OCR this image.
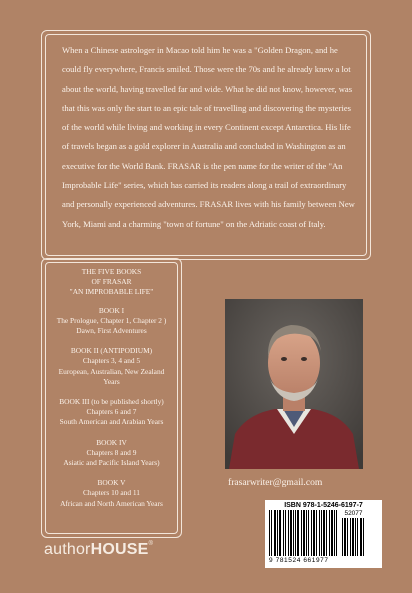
When a Chinese astrologer in Macao told him he was a "Golden Dragon, and he could fly everywhere, Francis smiled. Those were the 70s and he already knew a lot about the world, having travelled far and wide. What he did not know, however, was that this was only the start to an epic tale of travelling and discovering the mysteries of the world while living and working in every Continent except Antarctica. His life of travels began as a gold explorer in Australia and concluded in Washington as an executive for the World Bank. FRASAR is the pen name for the writer of the "An Improbable Life" series, which has carried its readers along a trail of extraordinary and personally experienced adventures. FRASAR lives with his family between New York, Miami and a charming "town of fortune" on the Adriatic coast of Italy.

THE FIVE BOOKS
OF FRASAR
"AN IMPROBABLE LIFE"
BOOK I
The Prologue, Chapter 1, Chapter 2 )
Dawn, First Adventures
BOOK II (ANTIPODIUM)
Chapters 3, 4 and 5
European, Australian, New Zealand
Years
BOOK III (to be published shortly)
Chapters 6 and 7
South American and Arabian Years
BOOK IV
Chapters 8 and 9
Asiatic and Pacific Island Years)
BOOK V
Chapters 10 and 11
African and North American Years
frasarwriter@gmail.com
authorHOUSE®
ISBN 978-1-5246-6197-7
52077
9 781524 661977
